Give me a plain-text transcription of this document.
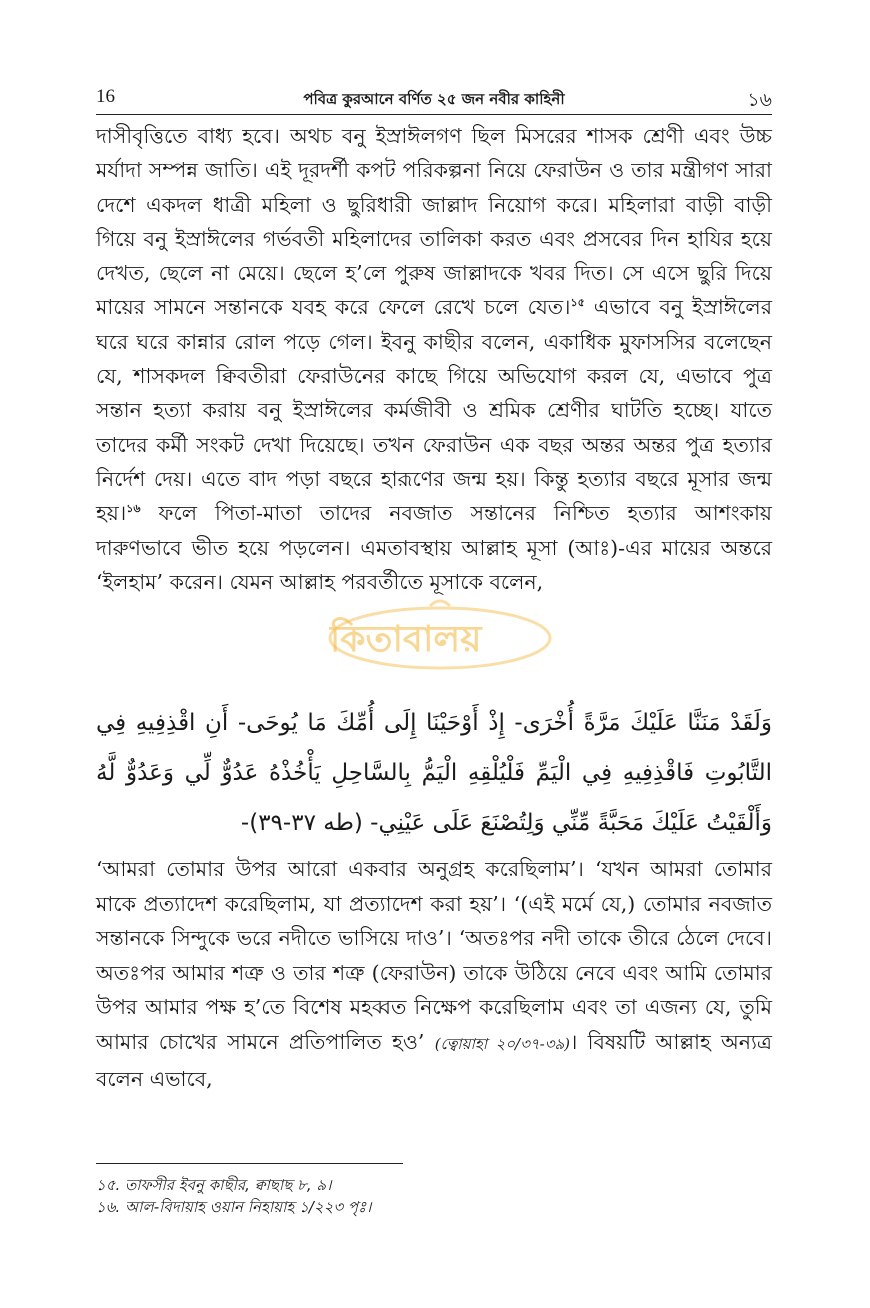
16	পবিত্র কুরআনে বর্ণিত ২৫ জন নবীর কাহিনী	১৬
দাসীবৃত্তিতে বাধ্য হবে। অথচ বনু ইস্রাঈলগণ ছিল মিসরের শাসক শ্রেণী এবং উচ্চ মর্যাদা সম্পন্ন জাতি। এই দূরদর্শী কপট পরিকল্পনা নিয়ে ফেরাউন ও তার মন্ত্রীগণ সারা দেশে একদল ধাত্রী মহিলা ও ছুরিধারী জাল্লাদ নিয়োগ করে। মহিলারা বাড়ী বাড়ী গিয়ে বনু ইস্রাঈলের গর্ভবতী মহিলাদের তালিকা করত এবং প্রসবের দিন হাযির হয়ে দেখত, ছেলে না মেয়ে। ছেলে হ’লে পুরুষ জাল্লাদকে খবর দিত। সে এসে ছুরি দিয়ে মায়ের সামনে সন্তানকে যবহ করে ফেলে রেখে চলে যেত।$^{১৫}$ এভাবে বনু ইস্রাঈলের ঘরে ঘরে কান্নার রোল পড়ে গেল। ইবনু কাছীর বলেন, একাধিক মুফাসসির বলেছেন যে, শাসকদল ক্বিবতীরা ফেরাউনের কাছে গিয়ে অভিযোগ করল যে, এভাবে পুত্র সন্তান হত্যা করায় বনু ইস্রাঈলের কর্মজীবী ও শ্রমিক শ্রেণীর ঘাটতি হচ্ছে। যাতে তাদের কর্মী সংকট দেখা দিয়েছে। তখন ফেরাউন এক বছর অন্তর অন্তর পুত্র হত্যার নির্দেশ দেয়। এতে বাদ পড়া বছরে হারূণের জন্ম হয়। কিন্তু হত্যার বছরে মূসার জন্ম হয়।$^{১৬}$ ফলে পিতা-মাতা তাদের নবজাত সন্তানের নিশ্চিত হত্যার আশংকায় দারুণভাবে ভীত হয়ে পড়লেন। এমতাবস্থায় আল্লাহ মূসা (আঃ)-এর মায়ের অন্তরে ‘ইলহাম’ করেন। যেমন আল্লাহ পরবর্তীতে মূসাকে বলেন,
কিতাবালয়
وَلَقَدْ مَنَنَّا عَلَيْكَ مَرَّةً أُخْرَى- إِذْ أَوْحَيْنَا إِلَى أُمِّكَ مَا يُوحَى- أَنِ اقْذِفِيهِ فِي التَّابُوتِ فَاقْذِفِيهِ فِي الْيَمِّ فَلْيُلْقِهِ الْيَمُّ بِالسَّاحِلِ يَأْخُذْهُ عَدُوٌّ لِّي وَعَدُوٌّ لَّهُ وَأَلْقَيْتُ عَلَيْكَ مَحَبَّةً مِّنِّي وَلِتُصْنَعَ عَلَى عَيْنِي- (طه ٣٧-٣٩)-
‘আমরা তোমার উপর আরো একবার অনুগ্রহ করেছিলাম’। ‘যখন আমরা তোমার মাকে প্রত্যাদেশ করেছিলাম, যা প্রত্যাদেশ করা হয়’। ‘(এই মর্মে যে,) তোমার নবজাত সন্তানকে সিন্দুকে ভরে নদীতে ভাসিয়ে দাও’। ‘অতঃপর নদী তাকে তীরে ঠেলে দেবে। অতঃপর আমার শত্রু ও তার শত্রু (ফেরাউন) তাকে উঠিয়ে নেবে এবং আমি তোমার উপর আমার পক্ষ হ’তে বিশেষ মহব্বত নিক্ষেপ করেছিলাম এবং তা এজন্য যে, তুমি আমার চোখের সামনে প্রতিপালিত হও’ (ত্বোয়াহা ২০/৩৭-৩৯)। বিষয়টি আল্লাহ অন্যত্র বলেন এভাবে,
১৫. তাফসীর ইবনু কাছীর, ক্বাছাছ ৮, ৯।
১৬. আল-বিদায়াহ ওয়ান নিহায়াহ ১/২২৩ পৃঃ।
